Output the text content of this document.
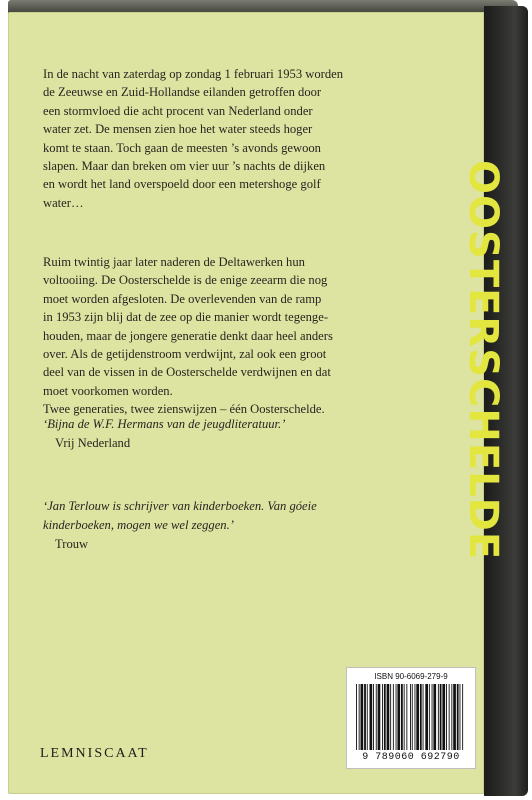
OOSTERSCHELDE

In de nacht van zaterdag op zondag 1 februari 1953 worden

de Zeeuwse en Zuid-Hollandse eilanden getroffen door

een stormvloed die acht procent van Nederland onder

water zet. De mensen zien hoe het water steeds hoger

komt te staan. Toch gaan de meesten ’s avonds gewoon

slapen. Maar dan breken om vier uur ’s nachts de dijken

en wordt het land overspoeld door een metershoge golf

water…

Ruim twintig jaar later naderen de Deltawerken hun

voltooiing. De Oosterschelde is de enige zeearm die nog

moet worden afgesloten. De overlevenden van de ramp

in 1953 zijn blij dat de zee op die manier wordt tegenge-

houden, maar de jongere generatie denkt daar heel anders

over. Als de getijdenstroom verdwijnt, zal ook een groot

deel van de vissen in de Oosterschelde verdwijnen en dat

moet voorkomen worden.

Twee generaties, twee zienswijzen – één Oosterschelde.

‘Bijna de W.F. Hermans van de jeugdliteratuur.’

Vrij Nederland

‘Jan Terlouw is schrijver van kinderboeken. Van góeie

kinderboeken, mogen we wel zeggen.’

Trouw

LEMNISCAAT
ISBN 90-6069-279-9
9 789060 692790
